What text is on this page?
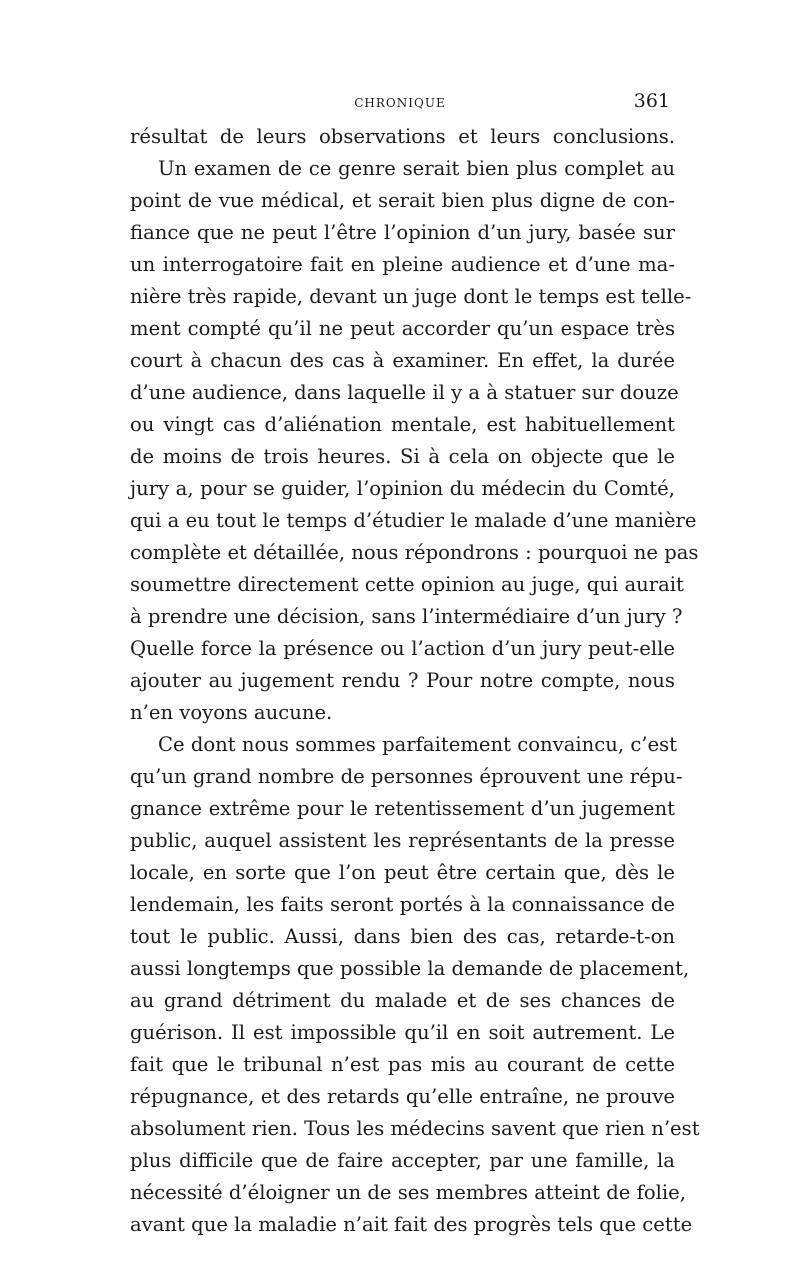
CHRONIQUE	361
résultat de leurs observations et leurs conclusions.
Un examen de ce genre serait bien plus complet au
point de vue médical, et serait bien plus digne de con-
fiance que ne peut l’être l’opinion d’un jury, basée sur
un interrogatoire fait en pleine audience et d’une ma-
nière très rapide, devant un juge dont le temps est telle-
ment compté qu’il ne peut accorder qu’un espace très
court à chacun des cas à examiner. En effet, la durée
d’une audience, dans laquelle il y a à statuer sur douze
ou vingt cas d’aliénation mentale, est habituellement
de moins de trois heures. Si à cela on objecte que le
jury a, pour se guider, l’opinion du médecin du Comté,
qui a eu tout le temps d’étudier le malade d’une manière
complète et détaillée, nous répondrons : pourquoi ne pas
soumettre directement cette opinion au juge, qui aurait
à prendre une décision, sans l’intermédiaire d’un jury ?
Quelle force la présence ou l’action d’un jury peut-elle
ajouter au jugement rendu ? Pour notre compte, nous
n’en voyons aucune.
Ce dont nous sommes parfaitement convaincu, c’est
qu’un grand nombre de personnes éprouvent une répu-
gnance extrême pour le retentissement d’un jugement
public, auquel assistent les représentants de la presse
locale, en sorte que l’on peut être certain que, dès le
lendemain, les faits seront portés à la connaissance de
tout le public. Aussi, dans bien des cas, retarde-t-on
aussi longtemps que possible la demande de placement,
au grand détriment du malade et de ses chances de
guérison. Il est impossible qu’il en soit autrement. Le
fait que le tribunal n’est pas mis au courant de cette
répugnance, et des retards qu’elle entraîne, ne prouve
absolument rien. Tous les médecins savent que rien n’est
plus difficile que de faire accepter, par une famille, la
nécessité d’éloigner un de ses membres atteint de folie,
avant que la maladie n’ait fait des progrès tels que cette
